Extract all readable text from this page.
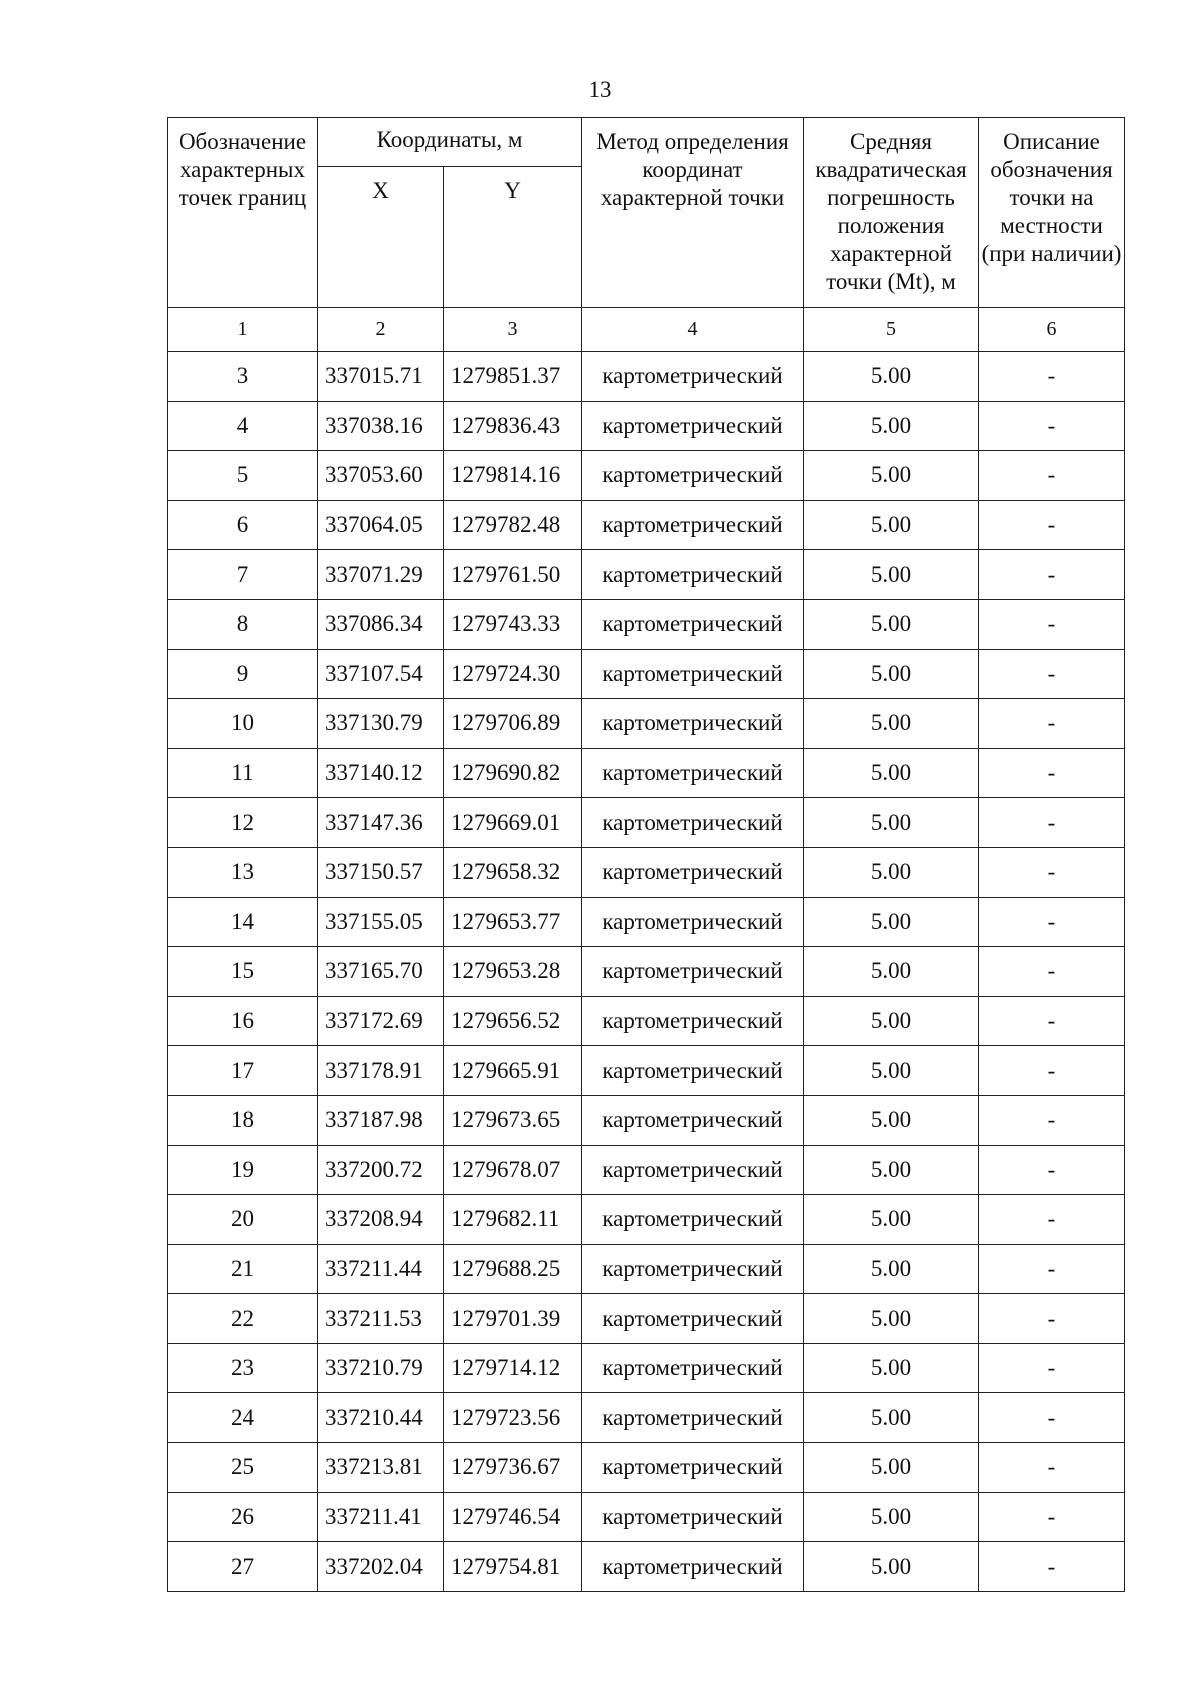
13
Обозначение характерных точек границ	Координаты, м		Метод определения координат характерной точки	Средняя квадратическая погрешность положения характерной точки (Mt), м	Описание обозначения точки на местности (при наличии)
	X	Y			
1	2	3	4	5	6
3	337015.71	1279851.37	картометрический	5.00	-
4	337038.16	1279836.43	картометрический	5.00	-
5	337053.60	1279814.16	картометрический	5.00	-
6	337064.05	1279782.48	картометрический	5.00	-
7	337071.29	1279761.50	картометрический	5.00	-
8	337086.34	1279743.33	картометрический	5.00	-
9	337107.54	1279724.30	картометрический	5.00	-
10	337130.79	1279706.89	картометрический	5.00	-
11	337140.12	1279690.82	картометрический	5.00	-
12	337147.36	1279669.01	картометрический	5.00	-
13	337150.57	1279658.32	картометрический	5.00	-
14	337155.05	1279653.77	картометрический	5.00	-
15	337165.70	1279653.28	картометрический	5.00	-
16	337172.69	1279656.52	картометрический	5.00	-
17	337178.91	1279665.91	картометрический	5.00	-
18	337187.98	1279673.65	картометрический	5.00	-
19	337200.72	1279678.07	картометрический	5.00	-
20	337208.94	1279682.11	картометрический	5.00	-
21	337211.44	1279688.25	картометрический	5.00	-
22	337211.53	1279701.39	картометрический	5.00	-
23	337210.79	1279714.12	картометрический	5.00	-
24	337210.44	1279723.56	картометрический	5.00	-
25	337213.81	1279736.67	картометрический	5.00	-
26	337211.41	1279746.54	картометрический	5.00	-
27	337202.04	1279754.81	картометрический	5.00	-
